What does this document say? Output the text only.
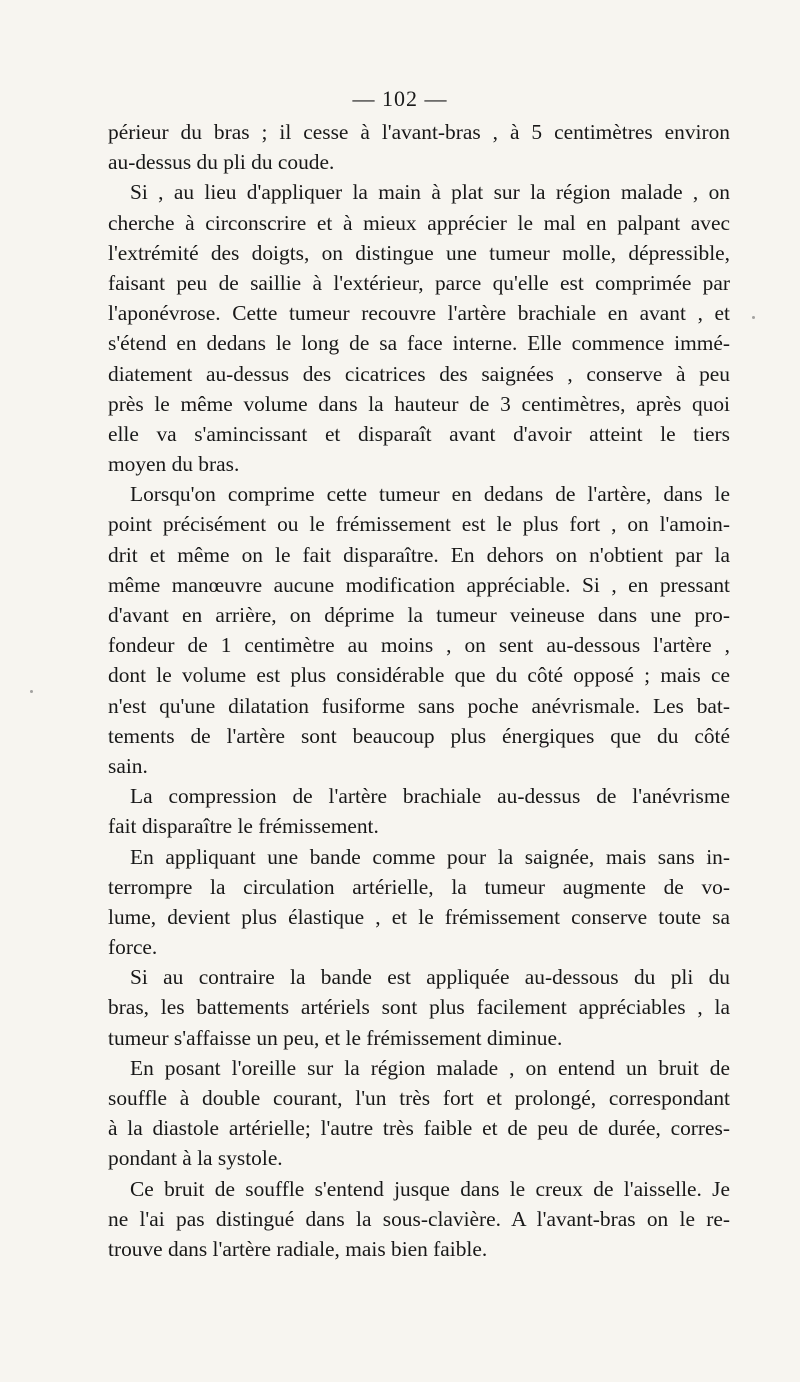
— 102 —
périeur du bras ; il cesse à l'avant-bras , à 5 centimètres environ
au-dessus du pli du coude.
Si , au lieu d'appliquer la main à plat sur la région malade , on
cherche à circonscrire et à mieux apprécier le mal en palpant avec
l'extrémité des doigts, on distingue une tumeur molle, dépressible,
faisant peu de saillie à l'extérieur, parce qu'elle est comprimée par
l'aponévrose. Cette tumeur recouvre l'artère brachiale en avant , et
s'étend en dedans le long de sa face interne. Elle commence immé-
diatement au-dessus des cicatrices des saignées , conserve à peu
près le même volume dans la hauteur de 3 centimètres, après quoi
elle va s'amincissant et disparaît avant d'avoir atteint le tiers
moyen du bras.
Lorsqu'on comprime cette tumeur en dedans de l'artère, dans le
point précisément ou le frémissement est le plus fort , on l'amoin-
drit et même on le fait disparaître. En dehors on n'obtient par la
même manœuvre aucune modification appréciable. Si , en pressant
d'avant en arrière, on déprime la tumeur veineuse dans une pro-
fondeur de 1 centimètre au moins , on sent au-dessous l'artère ,
dont le volume est plus considérable que du côté opposé ; mais ce
n'est qu'une dilatation fusiforme sans poche anévrismale. Les bat-
tements de l'artère sont beaucoup plus énergiques que du côté
sain.
La compression de l'artère brachiale au-dessus de l'anévrisme
fait disparaître le frémissement.
En appliquant une bande comme pour la saignée, mais sans in-
terrompre la circulation artérielle, la tumeur augmente de vo-
lume, devient plus élastique , et le frémissement conserve toute sa
force.
Si au contraire la bande est appliquée au-dessous du pli du
bras, les battements artériels sont plus facilement appréciables , la
tumeur s'affaisse un peu, et le frémissement diminue.
En posant l'oreille sur la région malade , on entend un bruit de
souffle à double courant, l'un très fort et prolongé, correspondant
à la diastole artérielle; l'autre très faible et de peu de durée, corres-
pondant à la systole.
Ce bruit de souffle s'entend jusque dans le creux de l'aisselle. Je
ne l'ai pas distingué dans la sous-clavière. A l'avant-bras on le re-
trouve dans l'artère radiale, mais bien faible.
